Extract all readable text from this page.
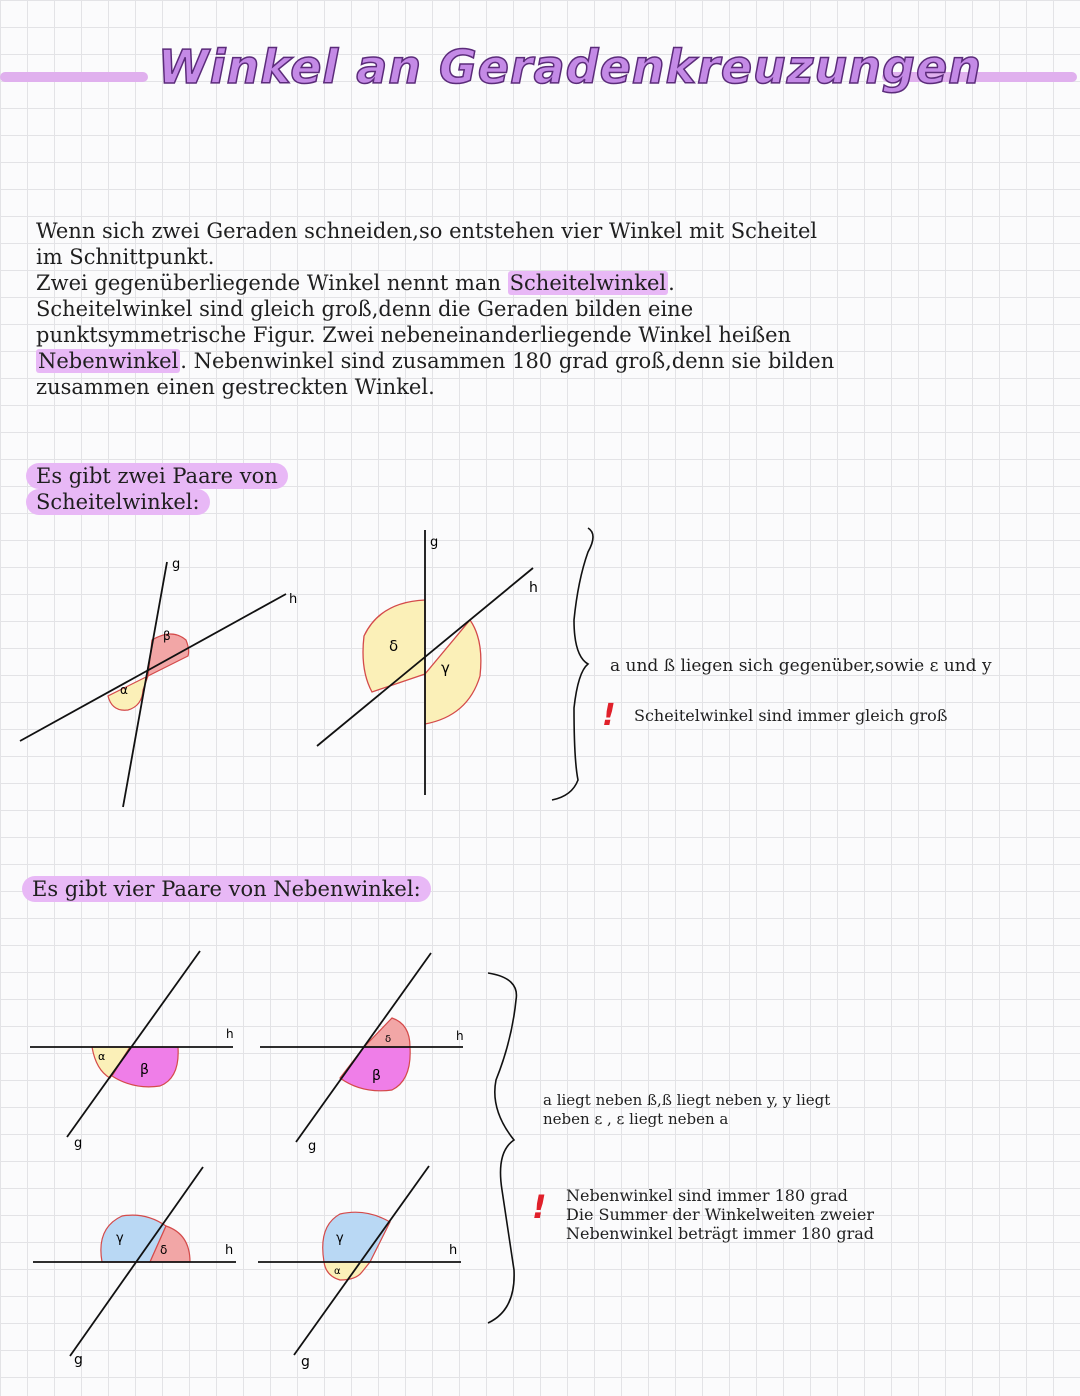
Winkel an Geradenkreuzungen

Wenn sich zwei Geraden schneiden,so entstehen vier Winkel mit Scheitel im Schnittpunkt.
Zwei gegenüberliegende Winkel nennt man Scheitelwinkel. Scheitelwinkel sind gleich groß,denn die Geraden bilden eine punktsymmetrische Figur. Zwei nebeneinanderliegende Winkel heißen Nebenwinkel. Nebenwinkel sind zusammen 180 grad groß,denn sie bilden zusammen einen gestreckten Winkel.

Es gibt zwei Paare von
Scheitelwinkel:
a und ß liegen sich gegenüber,sowie ε und y
! Scheitelwinkel sind immer gleich groß
Es gibt vier Paare von Nebenwinkel:
a liegt neben ß,ß liegt neben y, y liegt
neben ε , ε liegt neben a
! Nebenwinkel sind immer 180 grad
Die Summer der Winkelweiten zweier
Nebenwinkel beträgt immer 180 grad
g
h
α
β
g
h
δ
γ
h
g
α
β
h
g
δ
β
h
g
γ
δ	h
g
γ
α
